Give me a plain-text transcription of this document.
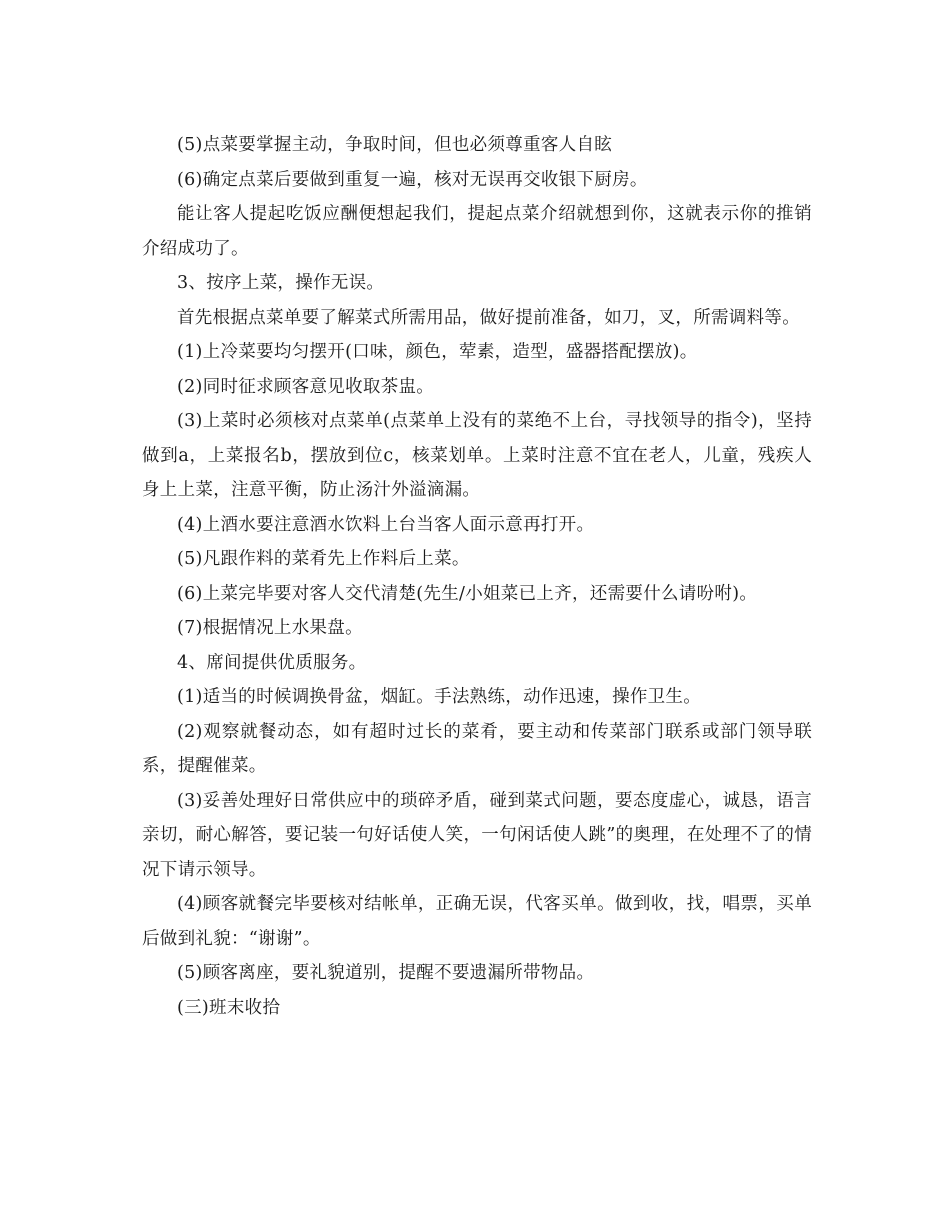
(5)点菜要掌握主动，争取时间，但也必须尊重客人自眩

(6)确定点菜后要做到重复一遍，核对无误再交收银下厨房。

能让客人提起吃饭应酬便想起我们，提起点菜介绍就想到你，这就表示你的推销介绍成功了。

3、按序上菜，操作无误。

首先根据点菜单要了解菜式所需用品，做好提前准备，如刀，叉，所需调料等。

(1)上冷菜要均匀摆开(口味，颜色，荤素，造型，盛器搭配摆放)。

(2)同时征求顾客意见收取茶盅。

(3)上菜时必须核对点菜单(点菜单上没有的菜绝不上台，寻找领导的指令)，坚持做到a，上菜报名b，摆放到位c，核菜划单。上菜时注意不宜在老人，儿童，残疾人身上上菜，注意平衡，防止汤汁外溢滴漏。

(4)上酒水要注意酒水饮料上台当客人面示意再打开。

(5)凡跟作料的菜肴先上作料后上菜。

(6)上菜完毕要对客人交代清楚(先生/小姐菜已上齐，还需要什么请吩咐)。

(7)根据情况上水果盘。

4、席间提供优质服务。

(1)适当的时候调换骨盆，烟缸。手法熟练，动作迅速，操作卫生。

(2)观察就餐动态，如有超时过长的菜肴，要主动和传菜部门联系或部门领导联系，提醒催菜。

(3)妥善处理好日常供应中的琐碎矛盾，碰到菜式问题，要态度虚心，诚恳，语言亲切，耐心解答，要记装一句好话使人笑，一句闲话使人跳”的奥理，在处理不了的情况下请示领导。

(4)顾客就餐完毕要核对结帐单，正确无误，代客买单。做到收，找，唱票，买单后做到礼貌：“谢谢”。

(5)顾客离座，要礼貌道别，提醒不要遗漏所带物品。

(三)班末收拾
